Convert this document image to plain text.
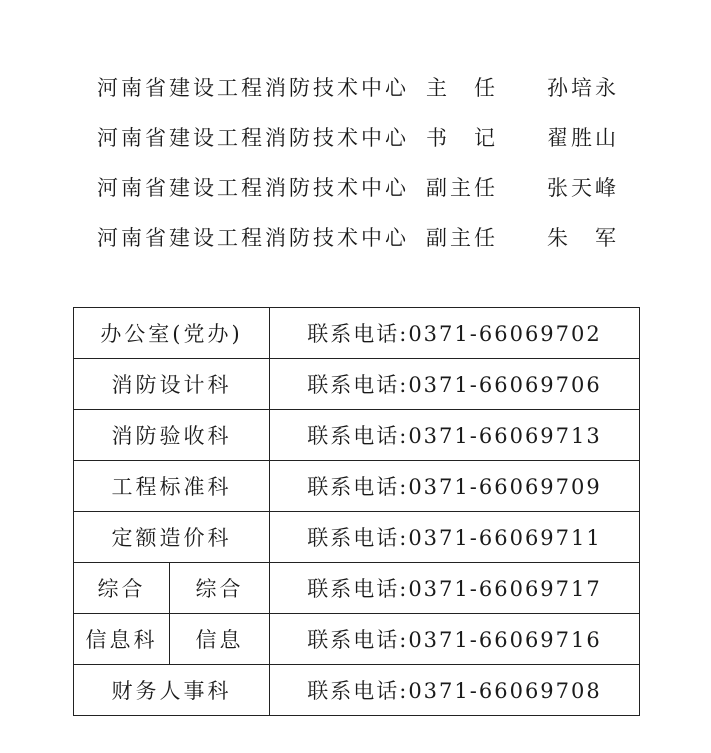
河南省建设工程消防技术中心 主任 孙培永
河南省建设工程消防技术中心 书记 翟胜山
河南省建设工程消防技术中心 副主任 张天峰
河南省建设工程消防技术中心 副主任 朱军
办公室(党办)		联系电话:0371-66069702
消防设计科		联系电话:0371-66069706
消防验收科		联系电话:0371-66069713
工程标准科		联系电话:0371-66069709
定额造价科		联系电话:0371-66069711
综合	综合	联系电话:0371-66069717
信息科	信息	联系电话:0371-66069716
财务人事科		联系电话:0371-66069708
